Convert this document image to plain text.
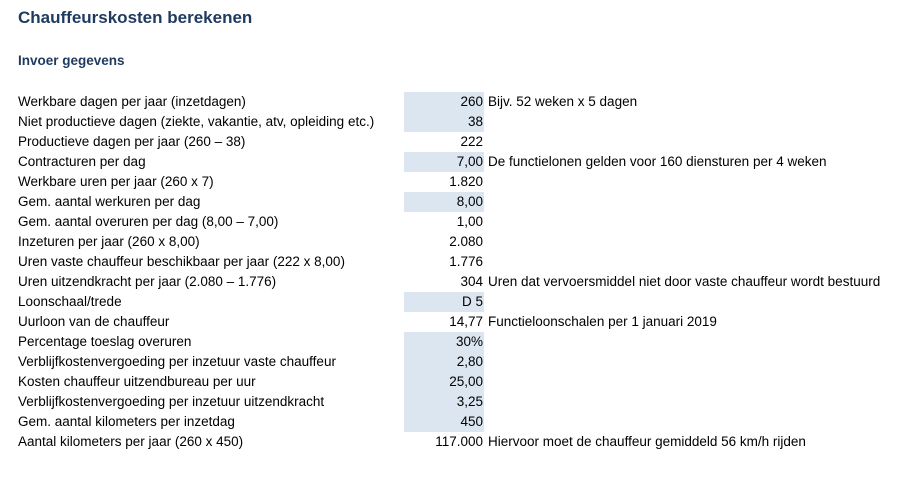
Chauffeurskosten berekenen
Invoer gegevens
Werkbare dagen per jaar (inzetdagen)	260 Bijv. 52 weken x 5 dagen
Niet productieve dagen (ziekte, vakantie, atv, opleiding etc.)	38
Productieve dagen per jaar (260 – 38)	222
Contracturen per dag	7,00 De functielonen gelden voor 160 diensturen per 4 weken
Werkbare uren per jaar (260 x 7)	1.820
Gem. aantal werkuren per dag	8,00
Gem. aantal overuren per dag (8,00 – 7,00)	1,00
Inzeturen per jaar (260 x 8,00)	2.080
Uren vaste chauffeur beschikbaar per jaar (222 x 8,00)	1.776
Uren uitzendkracht per jaar (2.080 – 1.776)	304 Uren dat vervoersmiddel niet door vaste chauffeur wordt bestuurd
Loonschaal/trede	D 5
Uurloon van de chauffeur	14,77 Functieloonschalen per 1 januari 2019
Percentage toeslag overuren	30%
Verblijfkostenvergoeding per inzetuur vaste chauffeur	2,80
Kosten chauffeur uitzendbureau per uur	25,00
Verblijfkostenvergoeding per inzetuur uitzendkracht	3,25
Gem. aantal kilometers per inzetdag	450
Aantal kilometers per jaar (260 x 450)	117.000 Hiervoor moet de chauffeur gemiddeld 56 km/h rijden
